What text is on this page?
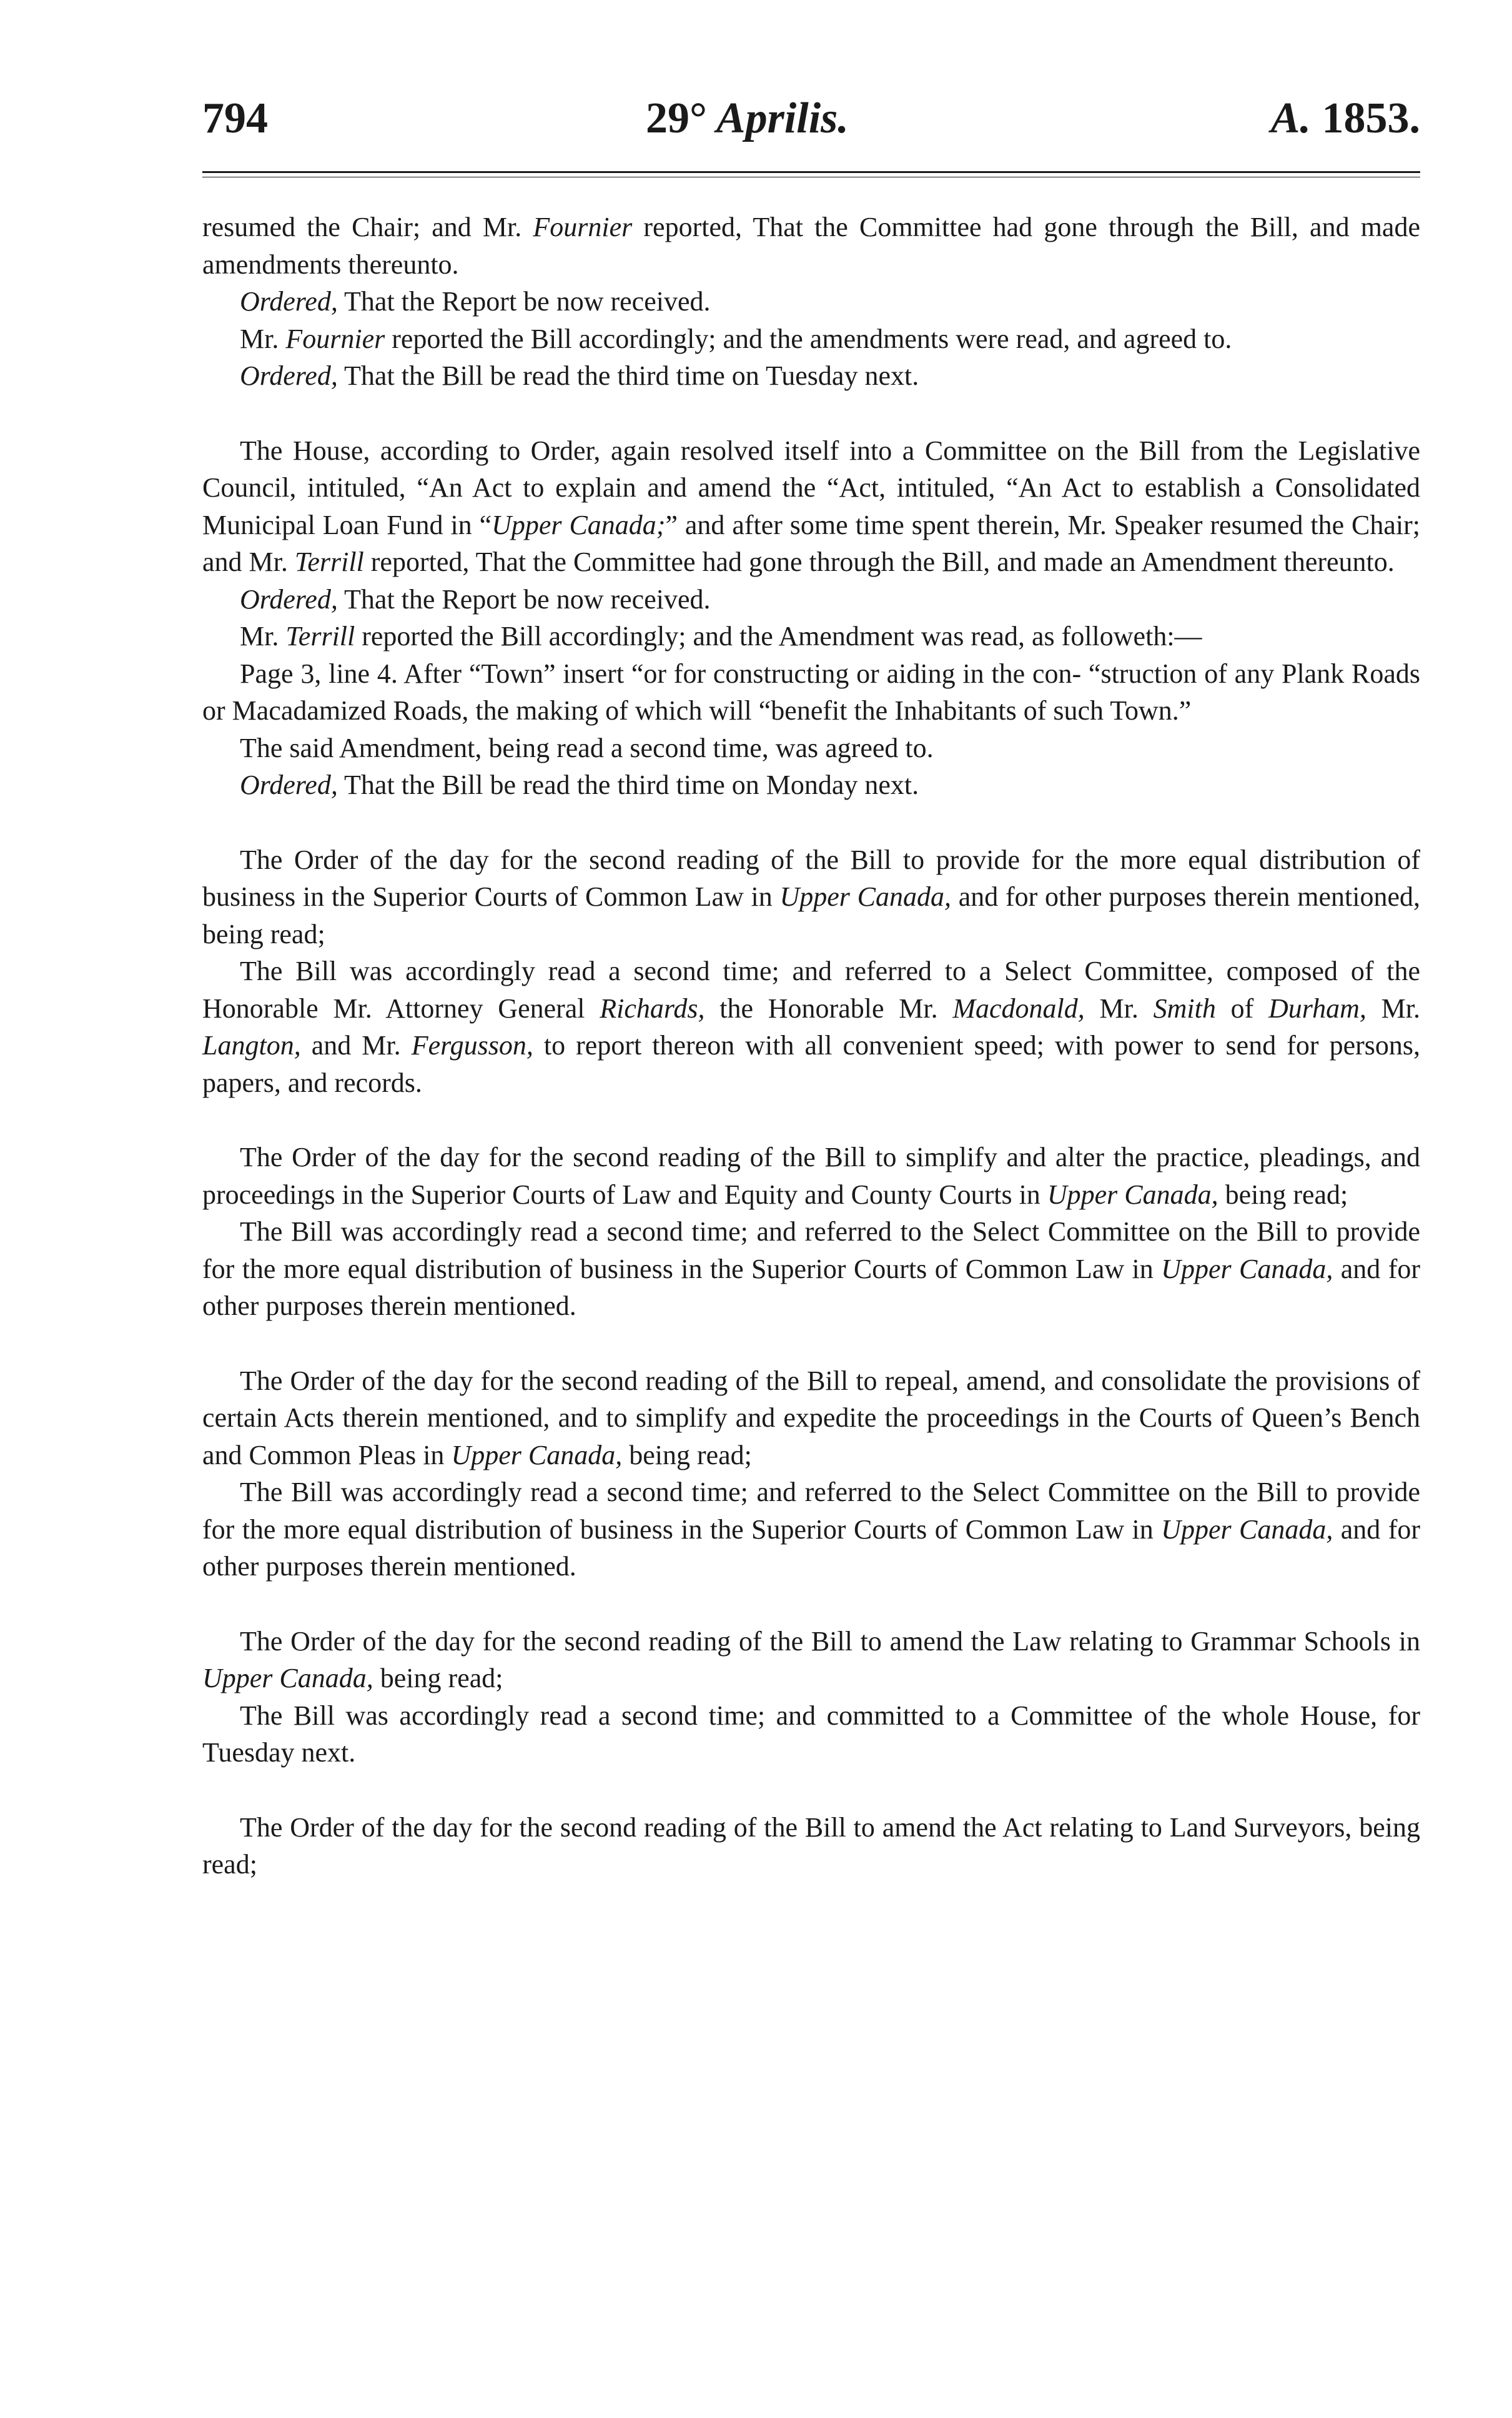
794	29° Aprilis.	A. 1853.

resumed the Chair; and Mr. Fournier reported, That the Committee had gone through the Bill, and made amendments thereunto.

Ordered, That the Report be now received.

Mr. Fournier reported the Bill accordingly; and the amendments were read, and agreed to.

Ordered, That the Bill be read the third time on Tuesday next.

The House, according to Order, again resolved itself into a Committee on the Bill from the Legislative Council, intituled, “An Act to explain and amend the “Act, intituled, “An Act to establish a Consolidated Municipal Loan Fund in “Upper Canada;” and after some time spent therein, Mr. Speaker resumed the Chair; and Mr. Terrill reported, That the Committee had gone through the Bill, and made an Amendment thereunto.

Ordered, That the Report be now received.

Mr. Terrill reported the Bill accordingly; and the Amendment was read, as followeth:—

Page 3, line 4. After “Town” insert “or for constructing or aiding in the con- “struction of any Plank Roads or Macadamized Roads, the making of which will “benefit the Inhabitants of such Town.”

The said Amendment, being read a second time, was agreed to.

Ordered, That the Bill be read the third time on Monday next.

The Order of the day for the second reading of the Bill to provide for the more equal distribution of business in the Superior Courts of Common Law in Upper Canada, and for other purposes therein mentioned, being read;

The Bill was accordingly read a second time; and referred to a Select Committee, composed of the Honorable Mr. Attorney General Richards, the Honorable Mr. Macdonald, Mr. Smith of Durham, Mr. Langton, and Mr. Fergusson, to report thereon with all convenient speed; with power to send for persons, papers, and records.

The Order of the day for the second reading of the Bill to simplify and alter the practice, pleadings, and proceedings in the Superior Courts of Law and Equity and County Courts in Upper Canada, being read;

The Bill was accordingly read a second time; and referred to the Select Committee on the Bill to provide for the more equal distribution of business in the Superior Courts of Common Law in Upper Canada, and for other purposes therein mentioned.

The Order of the day for the second reading of the Bill to repeal, amend, and consolidate the provisions of certain Acts therein mentioned, and to simplify and expedite the proceedings in the Courts of Queen’s Bench and Common Pleas in Upper Canada, being read;

The Bill was accordingly read a second time; and referred to the Select Committee on the Bill to provide for the more equal distribution of business in the Superior Courts of Common Law in Upper Canada, and for other purposes therein mentioned.

The Order of the day for the second reading of the Bill to amend the Law relating to Grammar Schools in Upper Canada, being read;

The Bill was accordingly read a second time; and committed to a Committee of the whole House, for Tuesday next.

The Order of the day for the second reading of the Bill to amend the Act relating to Land Surveyors, being read;
